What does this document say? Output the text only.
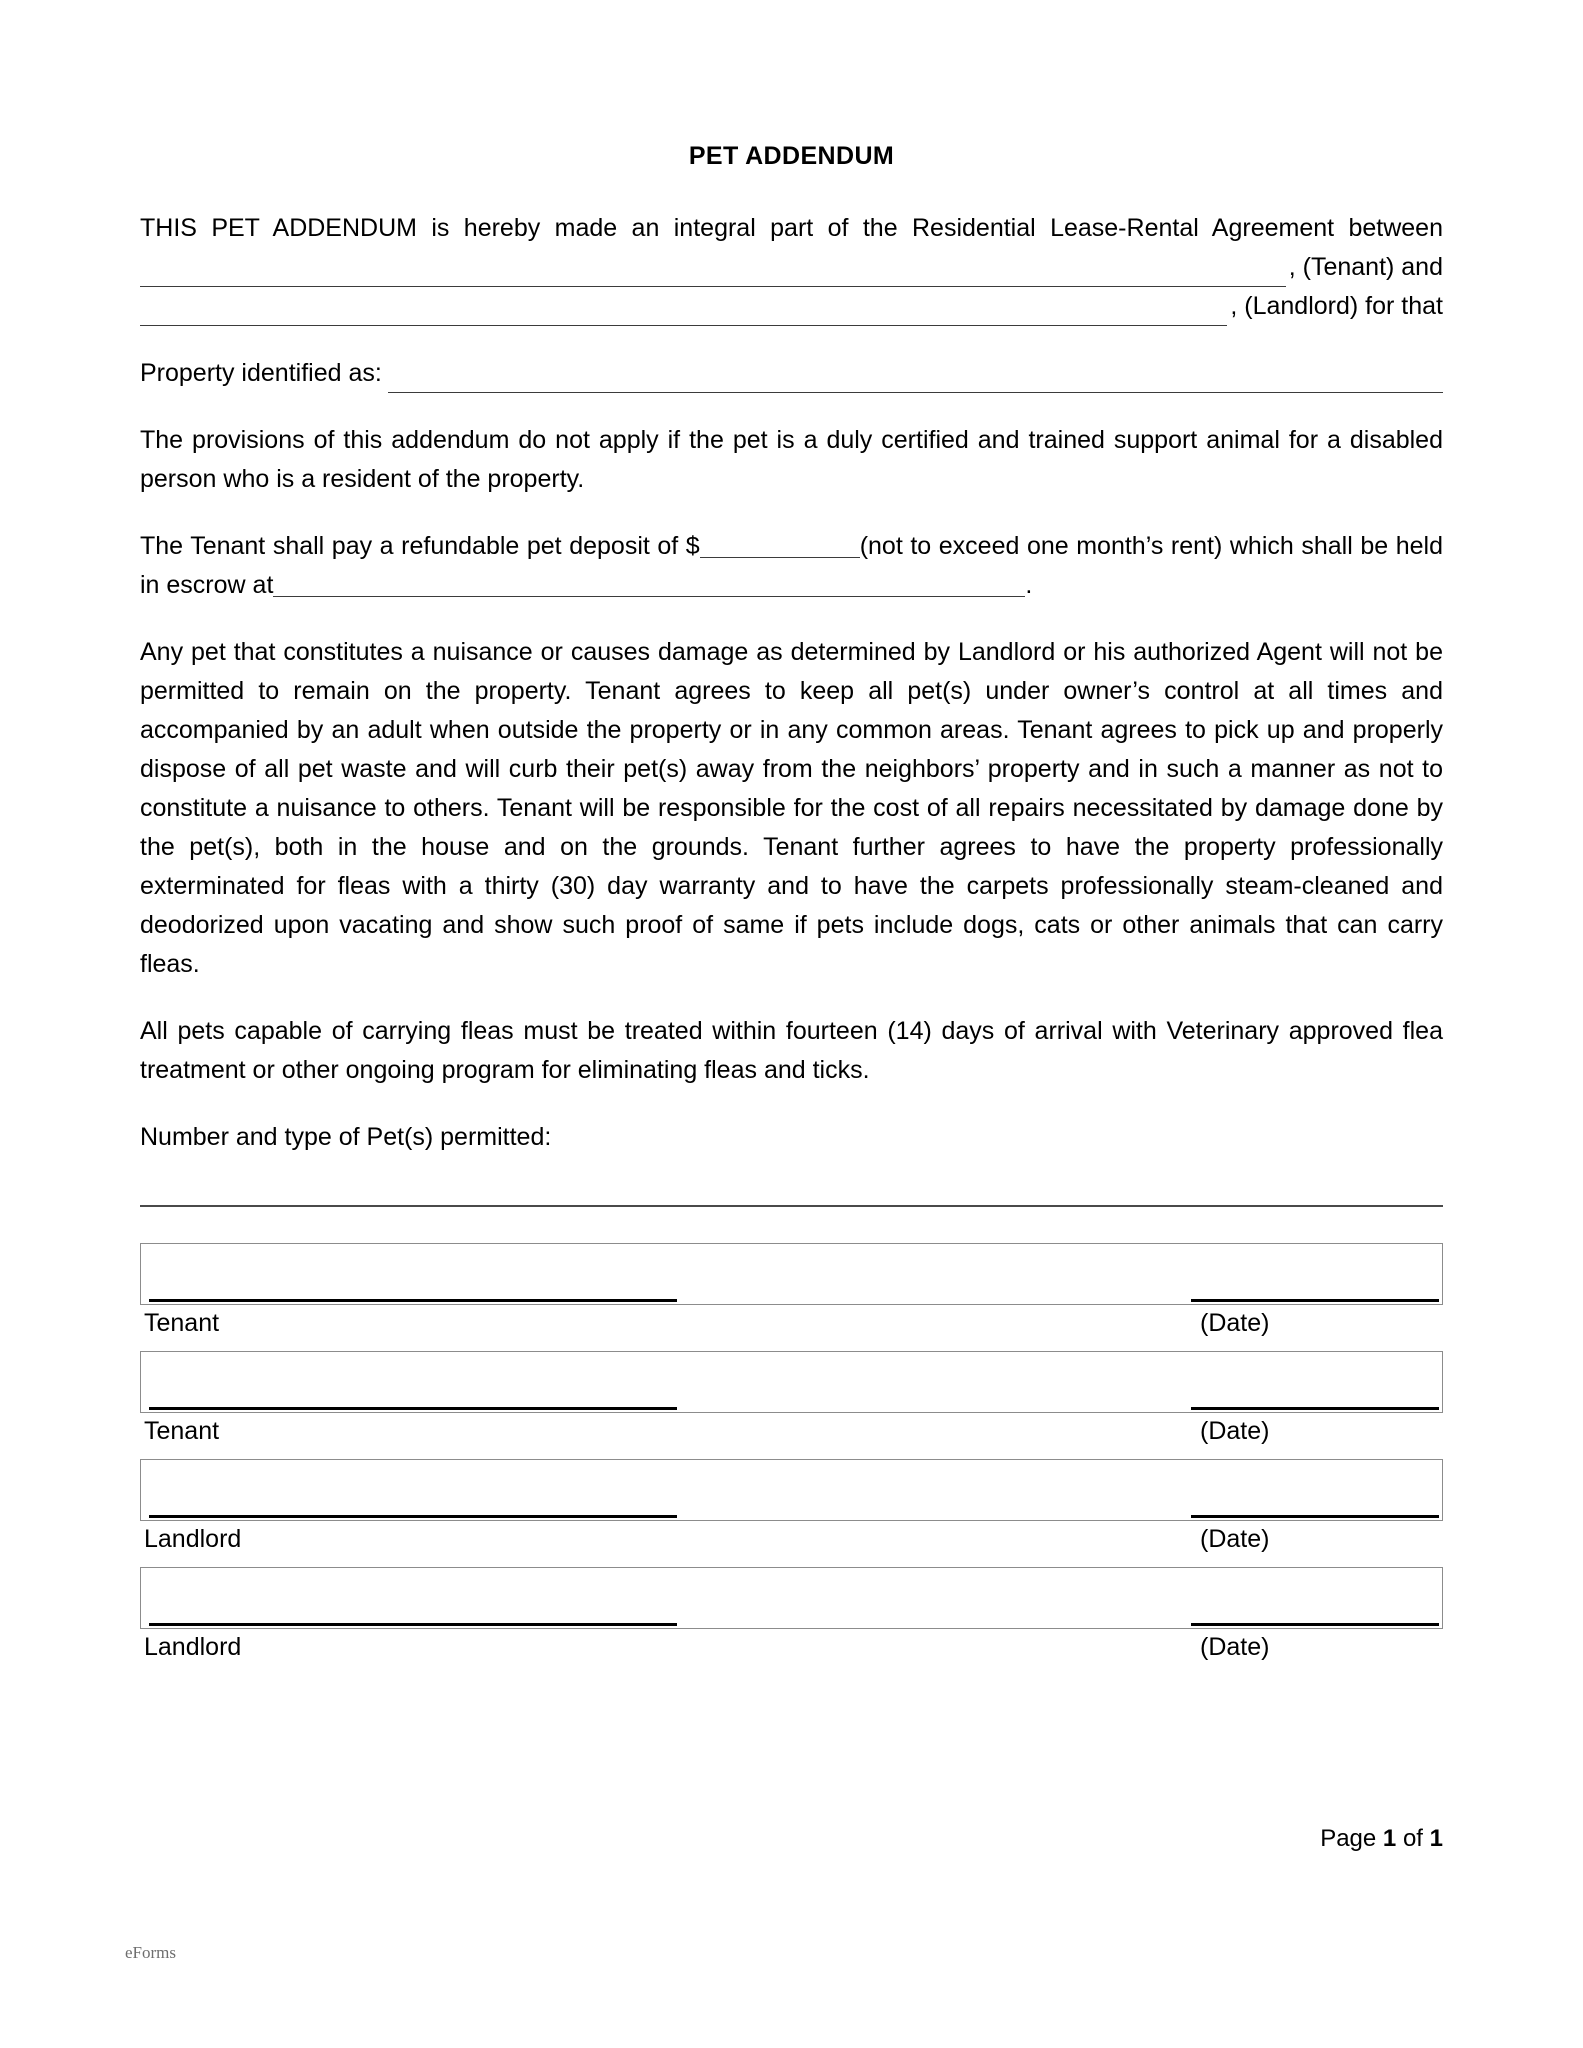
PET ADDENDUM

THIS PET ADDENDUM is hereby made an integral part of the Residential Lease-Rental Agreement between

, (Tenant) and
, (Landlord) for that
Property identified as:

The provisions of this addendum do not apply if the pet is a duly certified and trained support animal for a disabled person who is a resident of the property.

The Tenant shall pay a refundable pet deposit of $	(not to exceed one month’s rent) which shall be held in escrow at	.

Any pet that constitutes a nuisance or causes damage as determined by Landlord or his authorized Agent will not be permitted to remain on the property. Tenant agrees to keep all pet(s) under owner’s control at all times and accompanied by an adult when outside the property or in any common areas. Tenant agrees to pick up and properly dispose of all pet waste and will curb their pet(s) away from the neighbors’ property and in such a manner as not to constitute a nuisance to others. Tenant will be responsible for the cost of all repairs necessitated by damage done by the pet(s), both in the house and on the grounds. Tenant further agrees to have the property professionally exterminated for fleas with a thirty (30) day warranty and to have the carpets professionally steam-cleaned and deodorized upon vacating and show such proof of same if pets include dogs, cats or other animals that can carry fleas.

All pets capable of carrying fleas must be treated within fourteen (14) days of arrival with Veterinary approved flea treatment or other ongoing program for eliminating fleas and ticks.

Number and type of Pet(s) permitted:

Tenant	(Date)
Tenant	(Date)
Landlord	(Date)
Landlord	(Date)
Page 1 of 1
eForms
